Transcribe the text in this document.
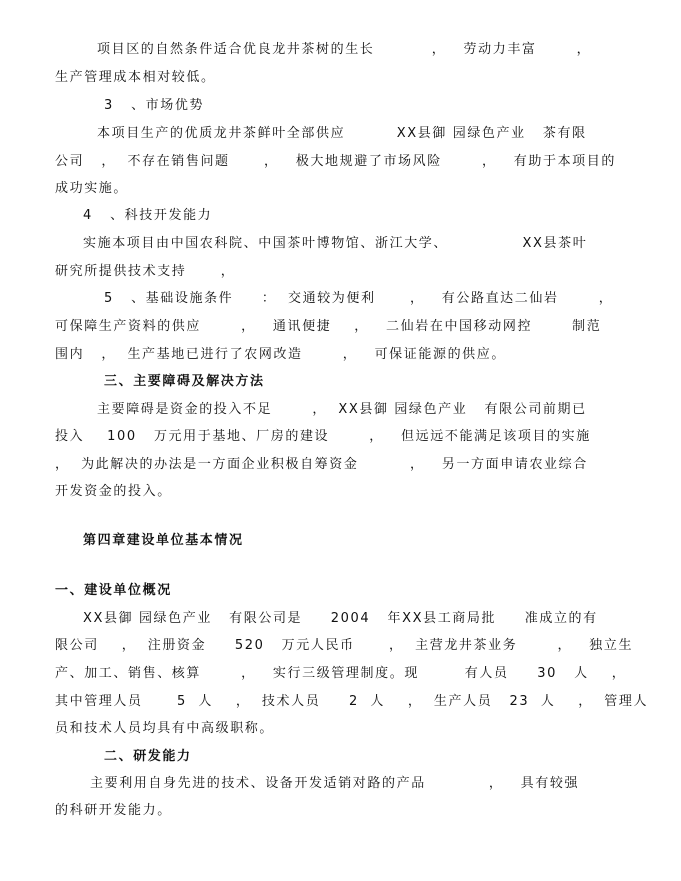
项目区的自然条件适合优良龙井茶树的生长          ，   劳动力丰富       ，

生产管理成本相对较低。

3   、市场优势

本项目生产的优质龙井茶鲜叶全部供应         XX县御 园绿色产业   茶有限

公司   ，  不存在销售问题      ，   极大地规避了市场风险       ，   有助于本项目的

成功实施。

4   、科技开发能力

实施本项目由中国农科院、中国茶叶博物馆、浙江大学、             XX县茶叶

研究所提供技术支持      ，

5   、基础设施条件     ：  交通较为便利      ，   有公路直达二仙岩       ，

可保障生产资料的供应       ，   通讯便捷    ，   二仙岩在中国移动网控       制范

围内   ，  生产基地已进行了农网改造       ，   可保证能源的供应。

三、主要障碍及解决方法

主要障碍是资金的投入不足       ，  XX县御 园绿色产业   有限公司前期已

投入    100   万元用于基地、厂房的建设       ，   但远远不能满足该项目的实施

，  为此解决的办法是一方面企业积极自筹资金         ，   另一方面申请农业综合

开发资金的投入。

第四章建设单位基本情况

一、建设单位概况

XX县御 园绿色产业   有限公司是     2004   年XX县工商局批     准成立的有

限公司    ，  注册资金     520   万元人民币      ，  主营龙井茶业务       ，   独立生

产、加工、销售、核算       ，   实行三级管理制度。现        有人员     30   人    ，

其中管理人员      5  人    ，  技术人员     2  人    ，  生产人员   23  人    ，  管理人

员和技术人员均具有中高级职称。

二、研发能力

主要利用自身先进的技术、设备开发适销对路的产品           ，   具有较强

的科研开发能力。
